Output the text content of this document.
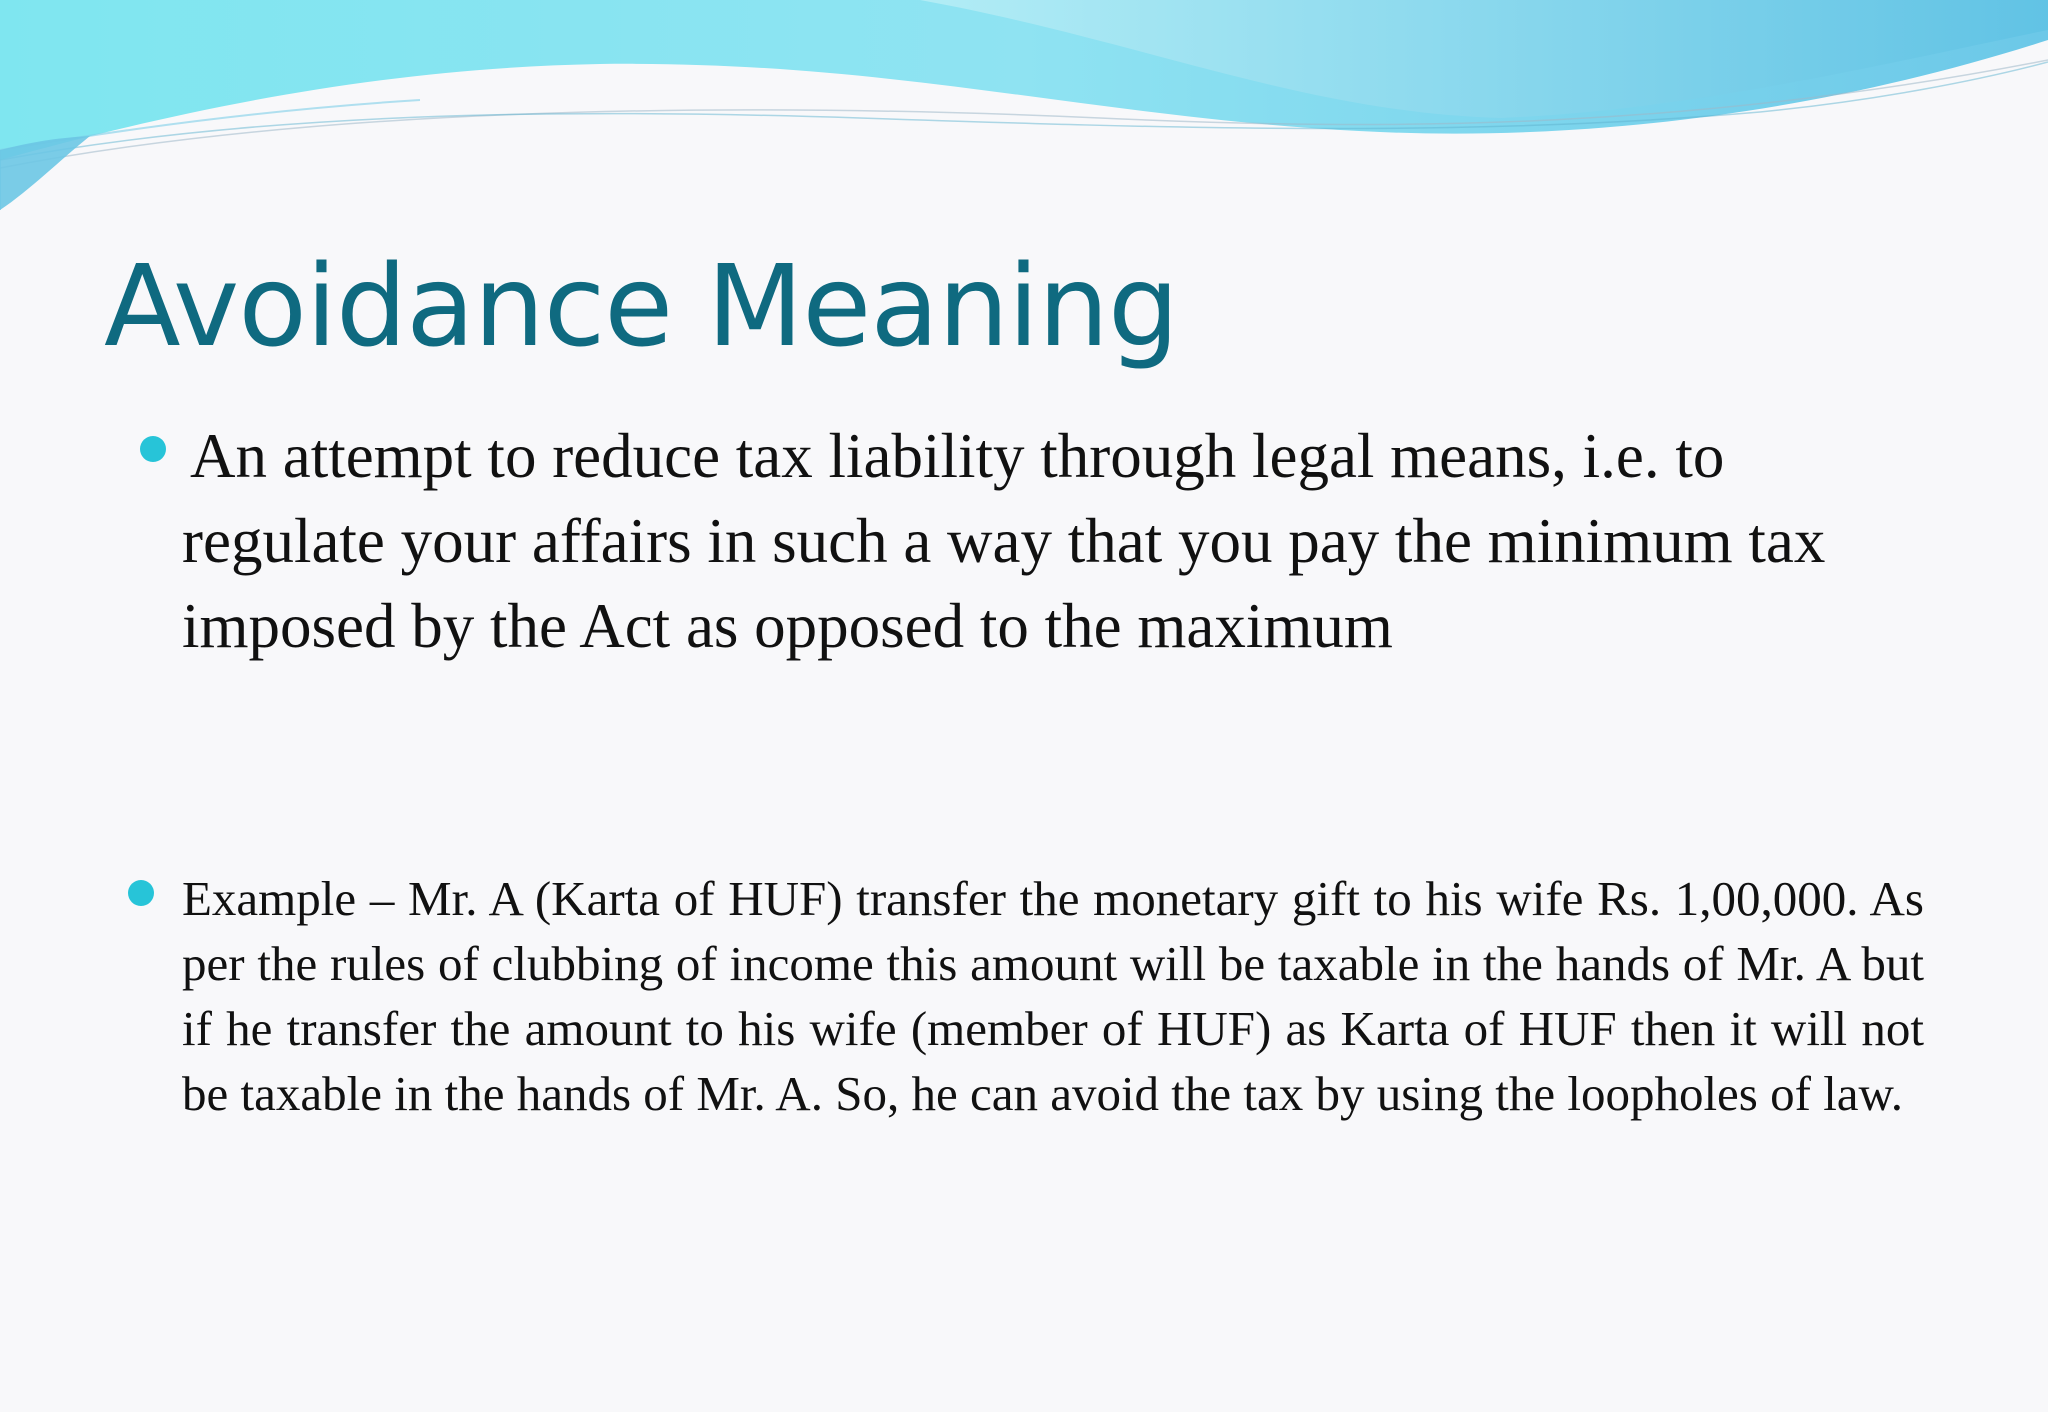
Avoidance Meaning

An attempt to reduce tax liability through legal means, i.e. to regulate your affairs in such a way that you pay the minimum tax imposed by the Act as opposed to the maximum

Example – Mr. A (Karta of HUF) transfer the monetary gift to his wife Rs. 1,00,000. As per the rules of clubbing of income this amount will be taxable in the hands of Mr. A but if he transfer the amount to his wife (member of HUF) as Karta of HUF then it will not be taxable in the hands of Mr. A. So, he can avoid the tax by using the loopholes of law.
